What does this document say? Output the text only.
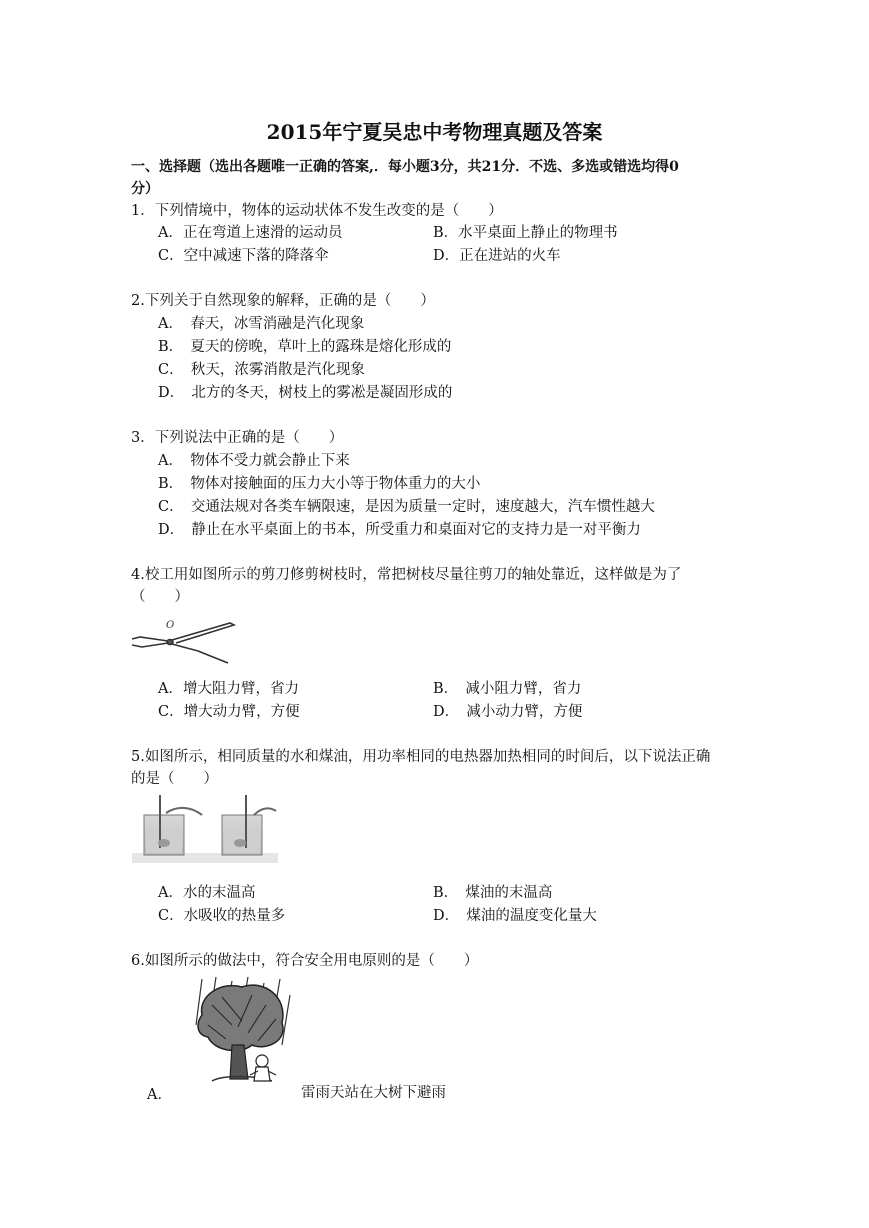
2015年宁夏吴忠中考物理真题及答案
一、选择题（选出各题唯一正确的答案,．每小题3分，共21分．不选、多选或错选均得0
分）
1．下列情境中，物体的运动状体不发生改变的是（　　）
A．正在弯道上速滑的运动员	B．水平桌面上静止的物理书
C．空中减速下落的降落伞	D．正在进站的火车
2.下列关于自然现象的解释，正确的是（　　）
A．　春天，冰雪消融是汽化现象
B．　夏天的傍晚，草叶上的露珠是熔化形成的
C．　秋天，浓雾消散是汽化现象
D．　北方的冬天，树枝上的雾凇是凝固形成的
3．下列说法中正确的是（　　）
A．　物体不受力就会静止下来
B．　物体对接触面的压力大小等于物体重力的大小
C．　交通法规对各类车辆限速，是因为质量一定时，速度越大，汽车惯性越大
D．　静止在水平桌面上的书本，所受重力和桌面对它的支持力是一对平衡力
4.校工用如图所示的剪刀修剪树枝时，常把树枝尽量往剪刀的轴处靠近，这样做是为了
（　　）
O
A．增大阻力臂，省力	B．　减小阻力臂，省力
C．增大动力臂，方便	D．　减小动力臂，方便
5.如图所示，相同质量的水和煤油，用功率相同的电热器加热相同的时间后，以下说法正确
的是（　　）
A．水的末温高	B．　煤油的末温高
C．水吸收的热量多	D．　煤油的温度变化量大
6.如图所示的做法中，符合安全用电原则的是（　　）
A．	雷雨天站在大树下避雨
